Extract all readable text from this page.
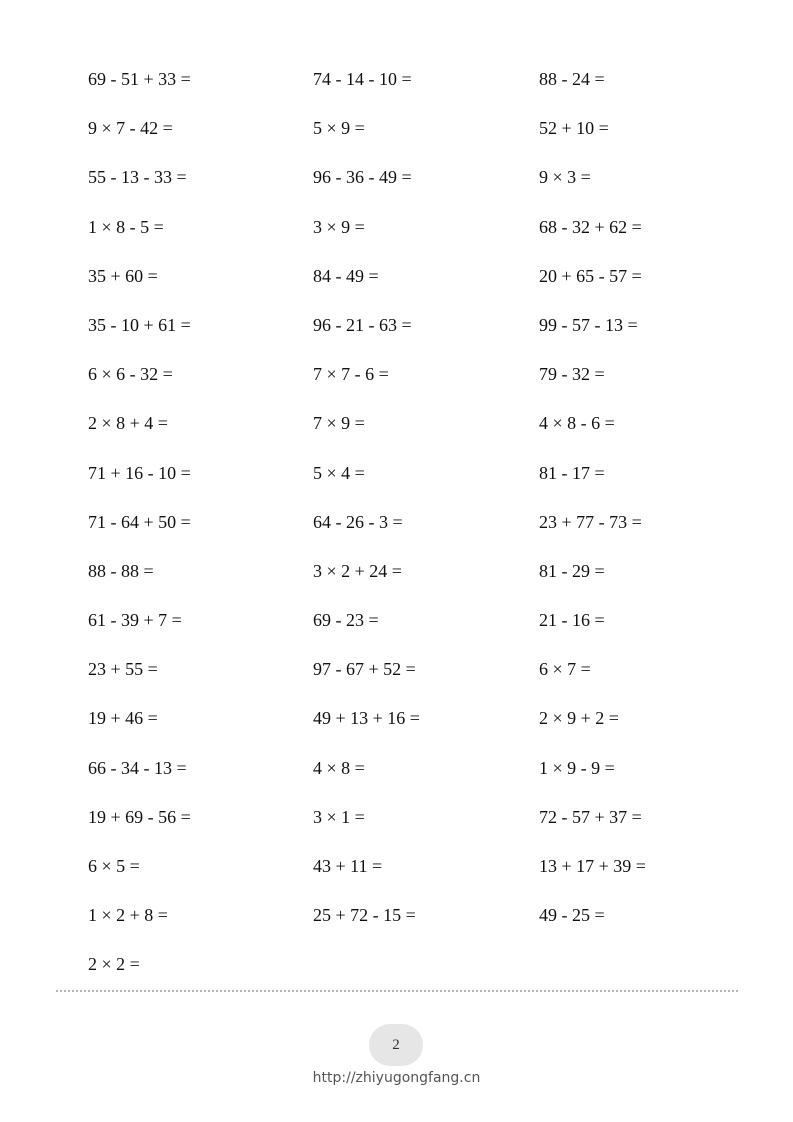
69 - 51 + 33 =	74 - 14 - 10 =	88 - 24 =
9 × 7 - 42 =	5 × 9 =	52 + 10 =
55 - 13 - 33 =	96 - 36 - 49 =	9 × 3 =
1 × 8 - 5 =	3 × 9 =	68 - 32 + 62 =
35 + 60 =	84 - 49 =	20 + 65 - 57 =
35 - 10 + 61 =	96 - 21 - 63 =	99 - 57 - 13 =
6 × 6 - 32 =	7 × 7 - 6 =	79 - 32 =
2 × 8 + 4 =	7 × 9 =	4 × 8 - 6 =
71 + 16 - 10 =	5 × 4 =	81 - 17 =
71 - 64 + 50 =	64 - 26 - 3 =	23 + 77 - 73 =
88 - 88 =	3 × 2 + 24 =	81 - 29 =
61 - 39 + 7 =	69 - 23 =	21 - 16 =
23 + 55 =	97 - 67 + 52 =	6 × 7 =
19 + 46 =	49 + 13 + 16 =	2 × 9 + 2 =
66 - 34 - 13 =	4 × 8 =	1 × 9 - 9 =
19 + 69 - 56 =	3 × 1 =	72 - 57 + 37 =
6 × 5 =	43 + 11 =	13 + 17 + 39 =
1 × 2 + 8 =	25 + 72 - 15 =	49 - 25 =
2 × 2 =
2
http://zhiyugongfang.cn
